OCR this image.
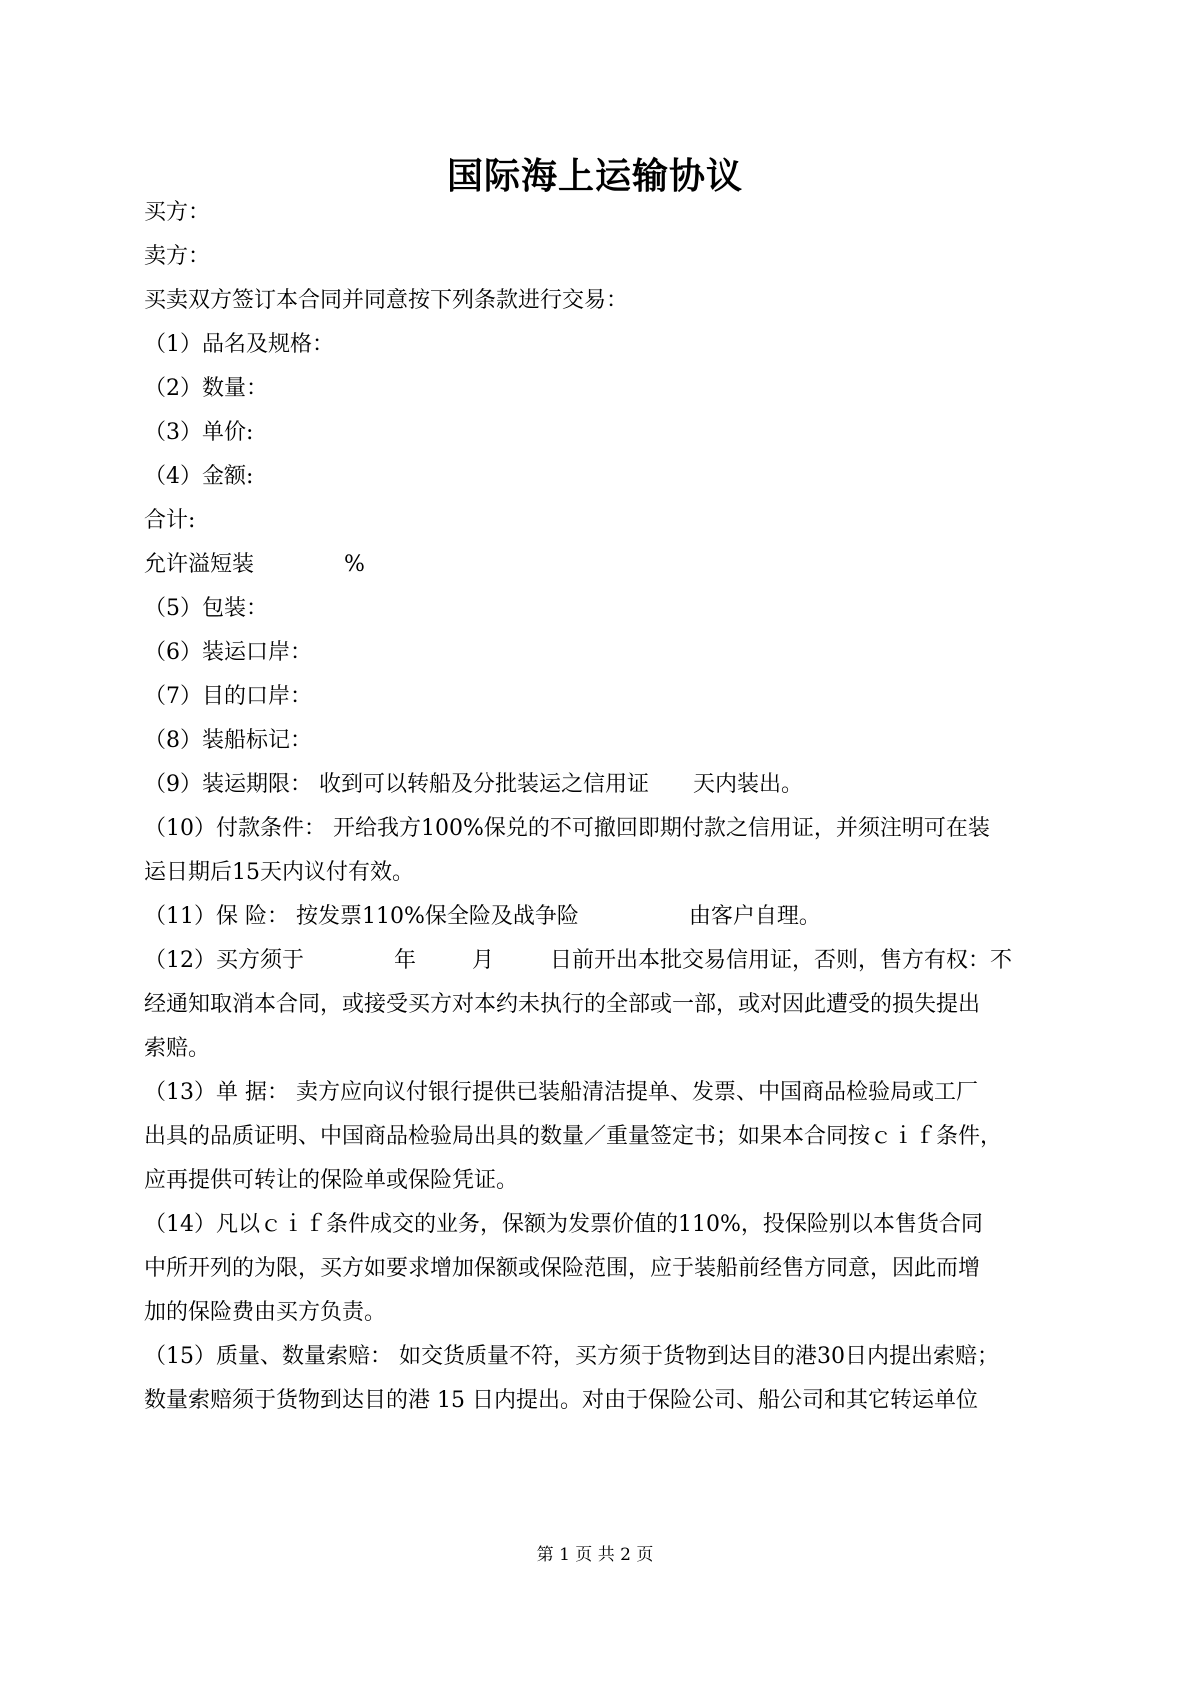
国际海上运输协议
买方：
卖方：
买卖双方签订本合同并同意按下列条款进行交易：
（1）品名及规格：
（2）数量：
（3）单价:
（4）金额:
合计:
允许溢短装	%
（5）包装：
（6）装运口岸：
（7）目的口岸：
（8）装船标记：
（9）装运期限： 收到可以转船及分批装运之信用证 天内装出。
（10）付款条件： 开给我方100%保兑的不可撤回即期付款之信用证，并须注明可在装
运日期后15天内议付有效。
（11）保 险： 按发票110%保全险及战争险	由客户自理。
（12）买方须于	年	月	日前开出本批交易信用证，否则，售方有权：不
经通知取消本合同，或接受买方对本约未执行的全部或一部，或对因此遭受的损失提出
索赔。
（13）单 据： 卖方应向议付银行提供已装船清洁提单、发票、中国商品检验局或工厂
出具的品质证明、中国商品检验局出具的数量／重量签定书；如果本合同按ｃｉｆ条件，
应再提供可转让的保险单或保险凭证。
（14）凡以ｃｉｆ条件成交的业务，保额为发票价值的110%，投保险别以本售货合同
中所开列的为限，买方如要求增加保额或保险范围，应于装船前经售方同意，因此而增
加的保险费由买方负责。
（15）质量、数量索赔： 如交货质量不符，买方须于货物到达目的港30日内提出索赔；
数量索赔须于货物到达目的港 15 日内提出。对由于保险公司、船公司和其它转运单位
第 1 页 共 2 页
